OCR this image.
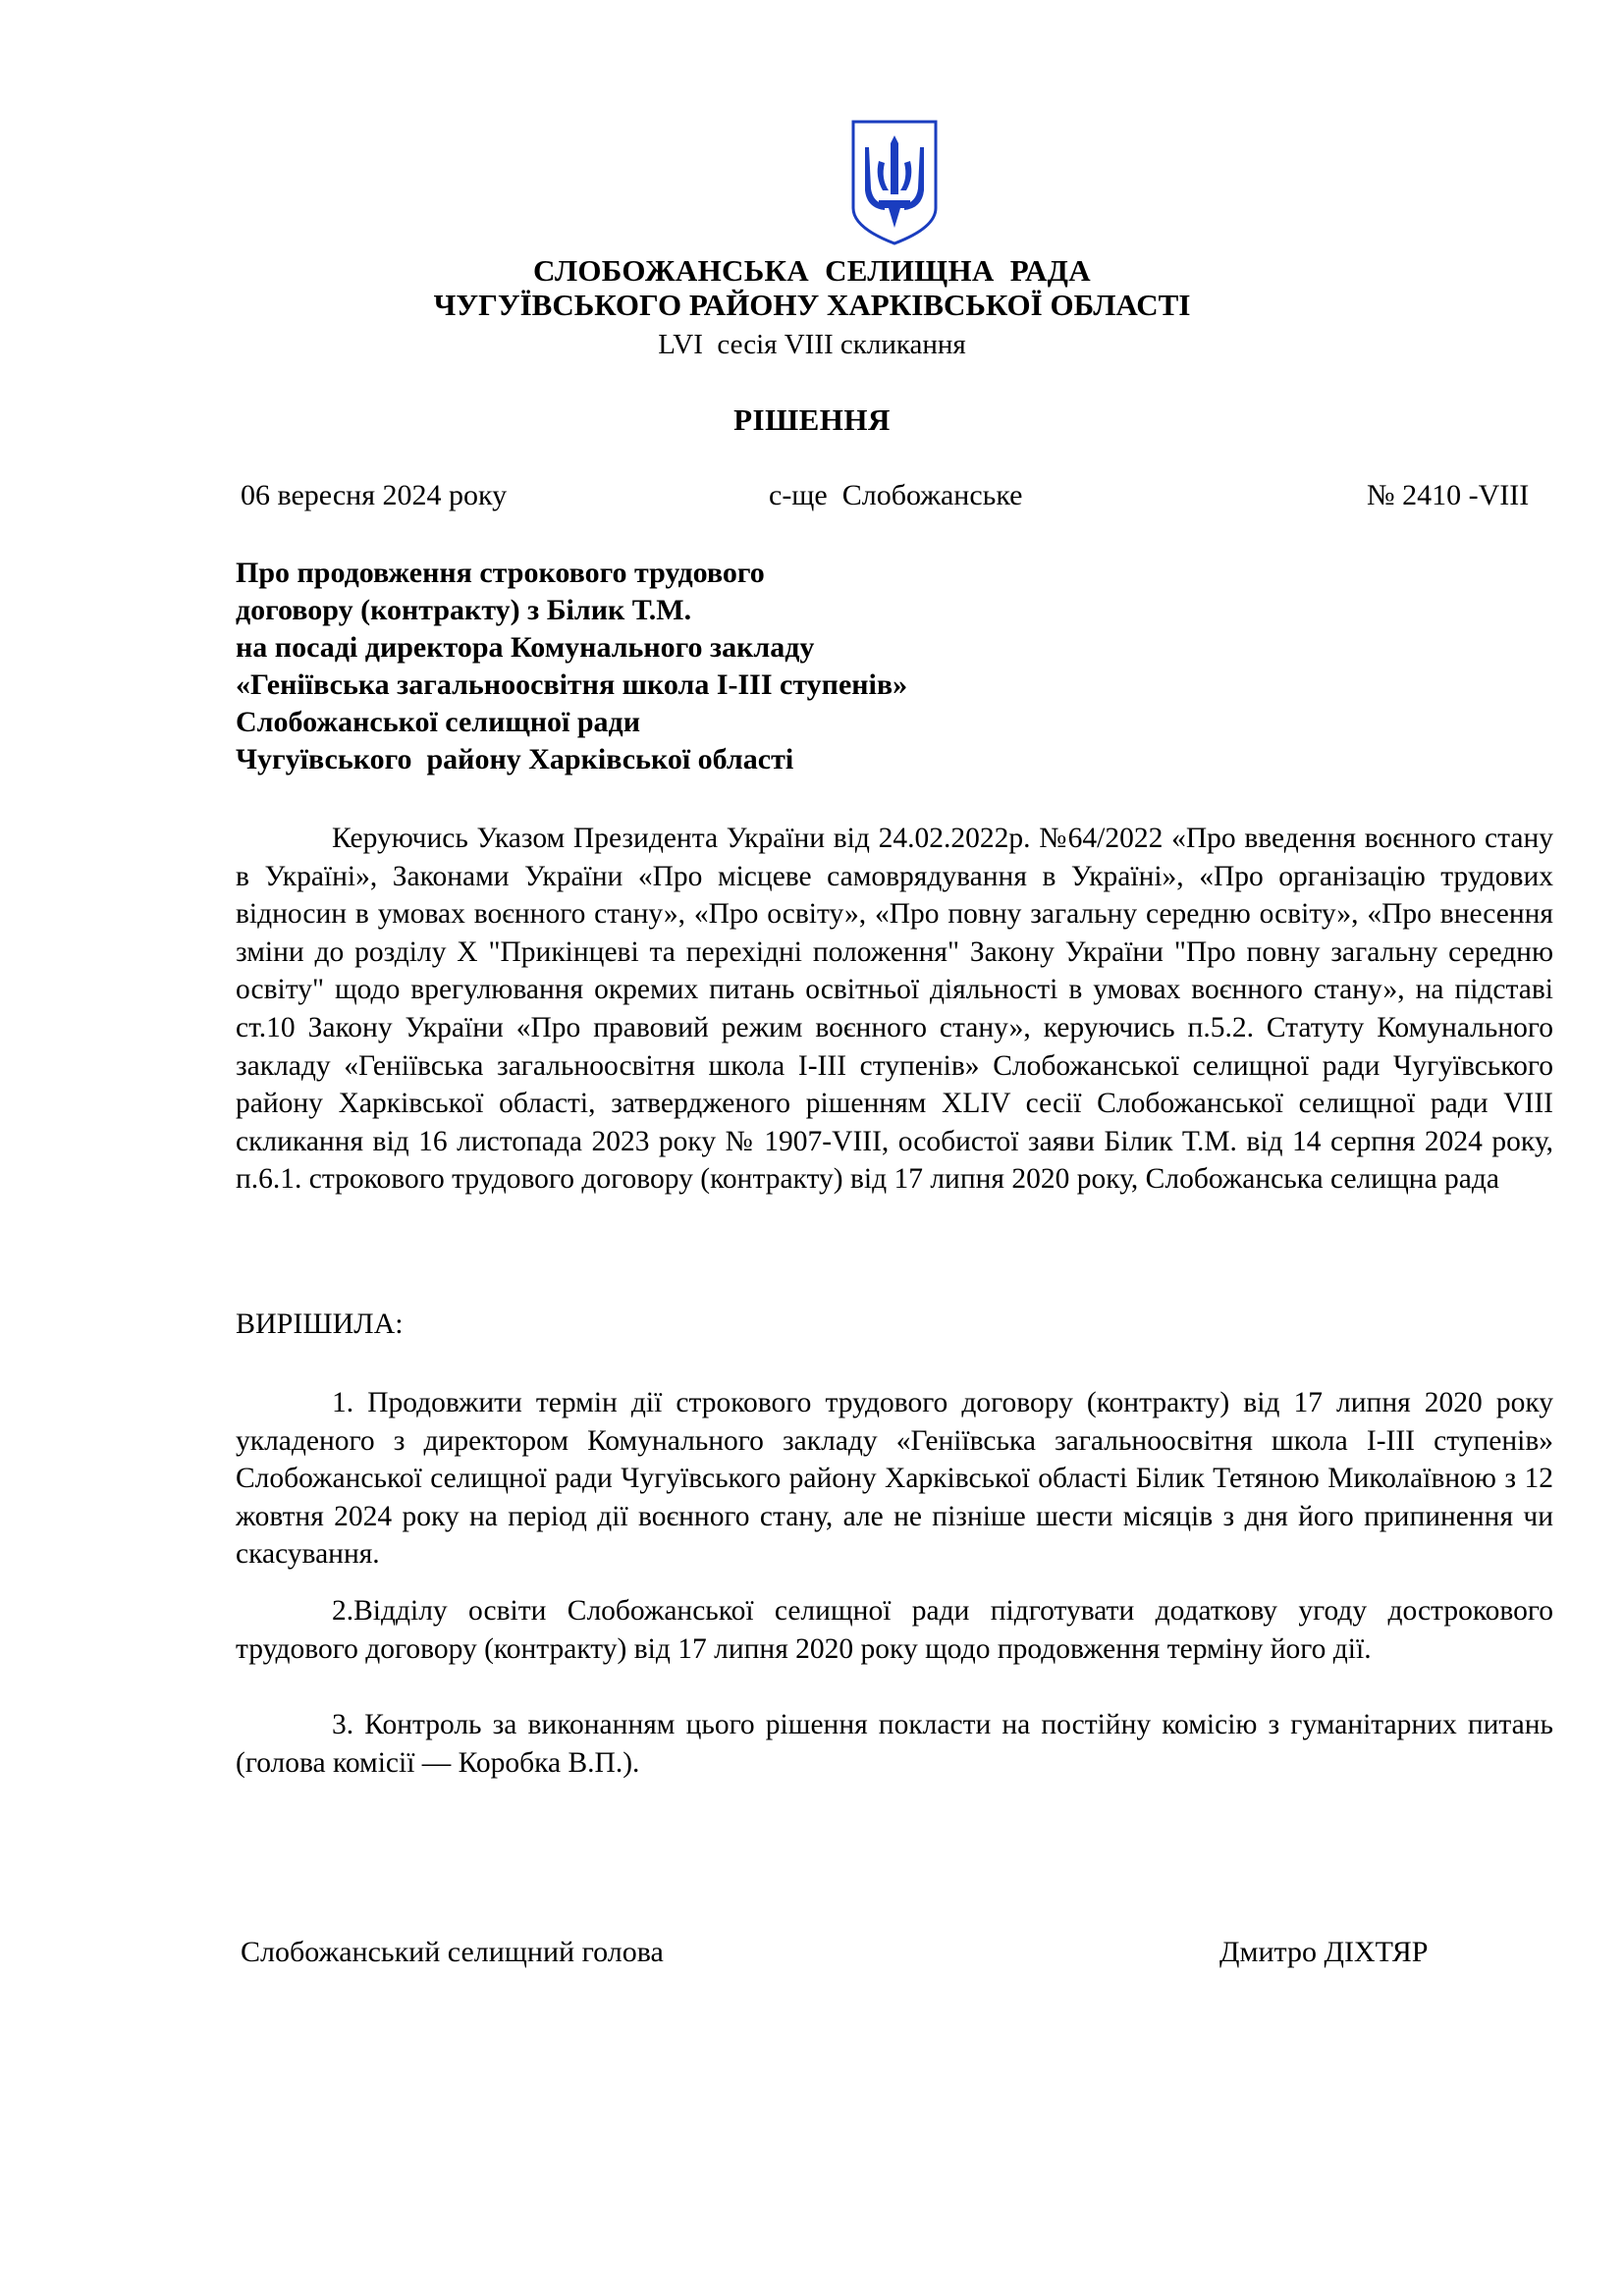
СЛОБОЖАНСЬКА  СЕЛИЩНА  РАДА
ЧУГУЇВСЬКОГО РАЙОНУ ХАРКІВСЬКОЇ ОБЛАСТІ
LVI  сесія VIII скликання
РІШЕННЯ
06 вересня 2024 року	с-ще  Слобожанське	№ 2410 -VIII
Про продовження строкового трудового
договору (контракту) з Білик Т.М.
на посаді директора Комунального закладу
«Геніївська загальноосвітня школа І-ІІІ ступенів»
Слобожанської селищної ради
Чугуївського  району Харківської області
Керуючись Указом Президента України від 24.02.2022р. №64/2022 «Про введення воєнного стану в Україні», Законами України «Про місцеве самоврядування в Україні», «Про організацію трудових відносин в умовах воєнного стану», «Про освіту», «Про повну загальну середню освіту», «Про внесення зміни до розділу X "Прикінцеві та перехідні положення" Закону України "Про повну загальну середню освіту" щодо врегулювання окремих питань освітньої діяльності в умовах воєнного стану», на підставі ст.10 Закону України «Про правовий режим воєнного стану», керуючись п.5.2. Статуту Комунального закладу «Геніївська загальноосвітня школа І-ІІІ ступенів» Слобожанської селищної ради Чугуївського району Харківської області, затвердженого рішенням XLIV сесії Слобожанської селищної ради VIII скликання від 16 листопада 2023 року № 1907-VIII, особистої заяви Білик Т.М. від 14 серпня 2024 року, п.6.1. строкового трудового договору (контракту) від 17 липня 2020 року, Слобожанська селищна рада
ВИРІШИЛА:
1. Продовжити термін дії строкового трудового договору (контракту) від 17 липня 2020 року укладеного з директором Комунального закладу «Геніївська загальноосвітня школа І-ІІІ ступенів» Слобожанської селищної ради Чугуївського району Харківської області Білик Тетяною Миколаївною з 12 жовтня 2024 року на період дії воєнного стану, але не пізніше шести місяців з дня його припинення чи скасування.
2.Відділу освіти Слобожанської селищної ради підготувати додаткову угоду дострокового трудового договору (контракту) від 17 липня 2020 року щодо продовження терміну його дії.
3. Контроль за виконанням цього рішення покласти на постійну комісію з гуманітарних питань (голова комісії — Коробка В.П.).
Слобожанський селищний голова	Дмитро ДІХТЯР
